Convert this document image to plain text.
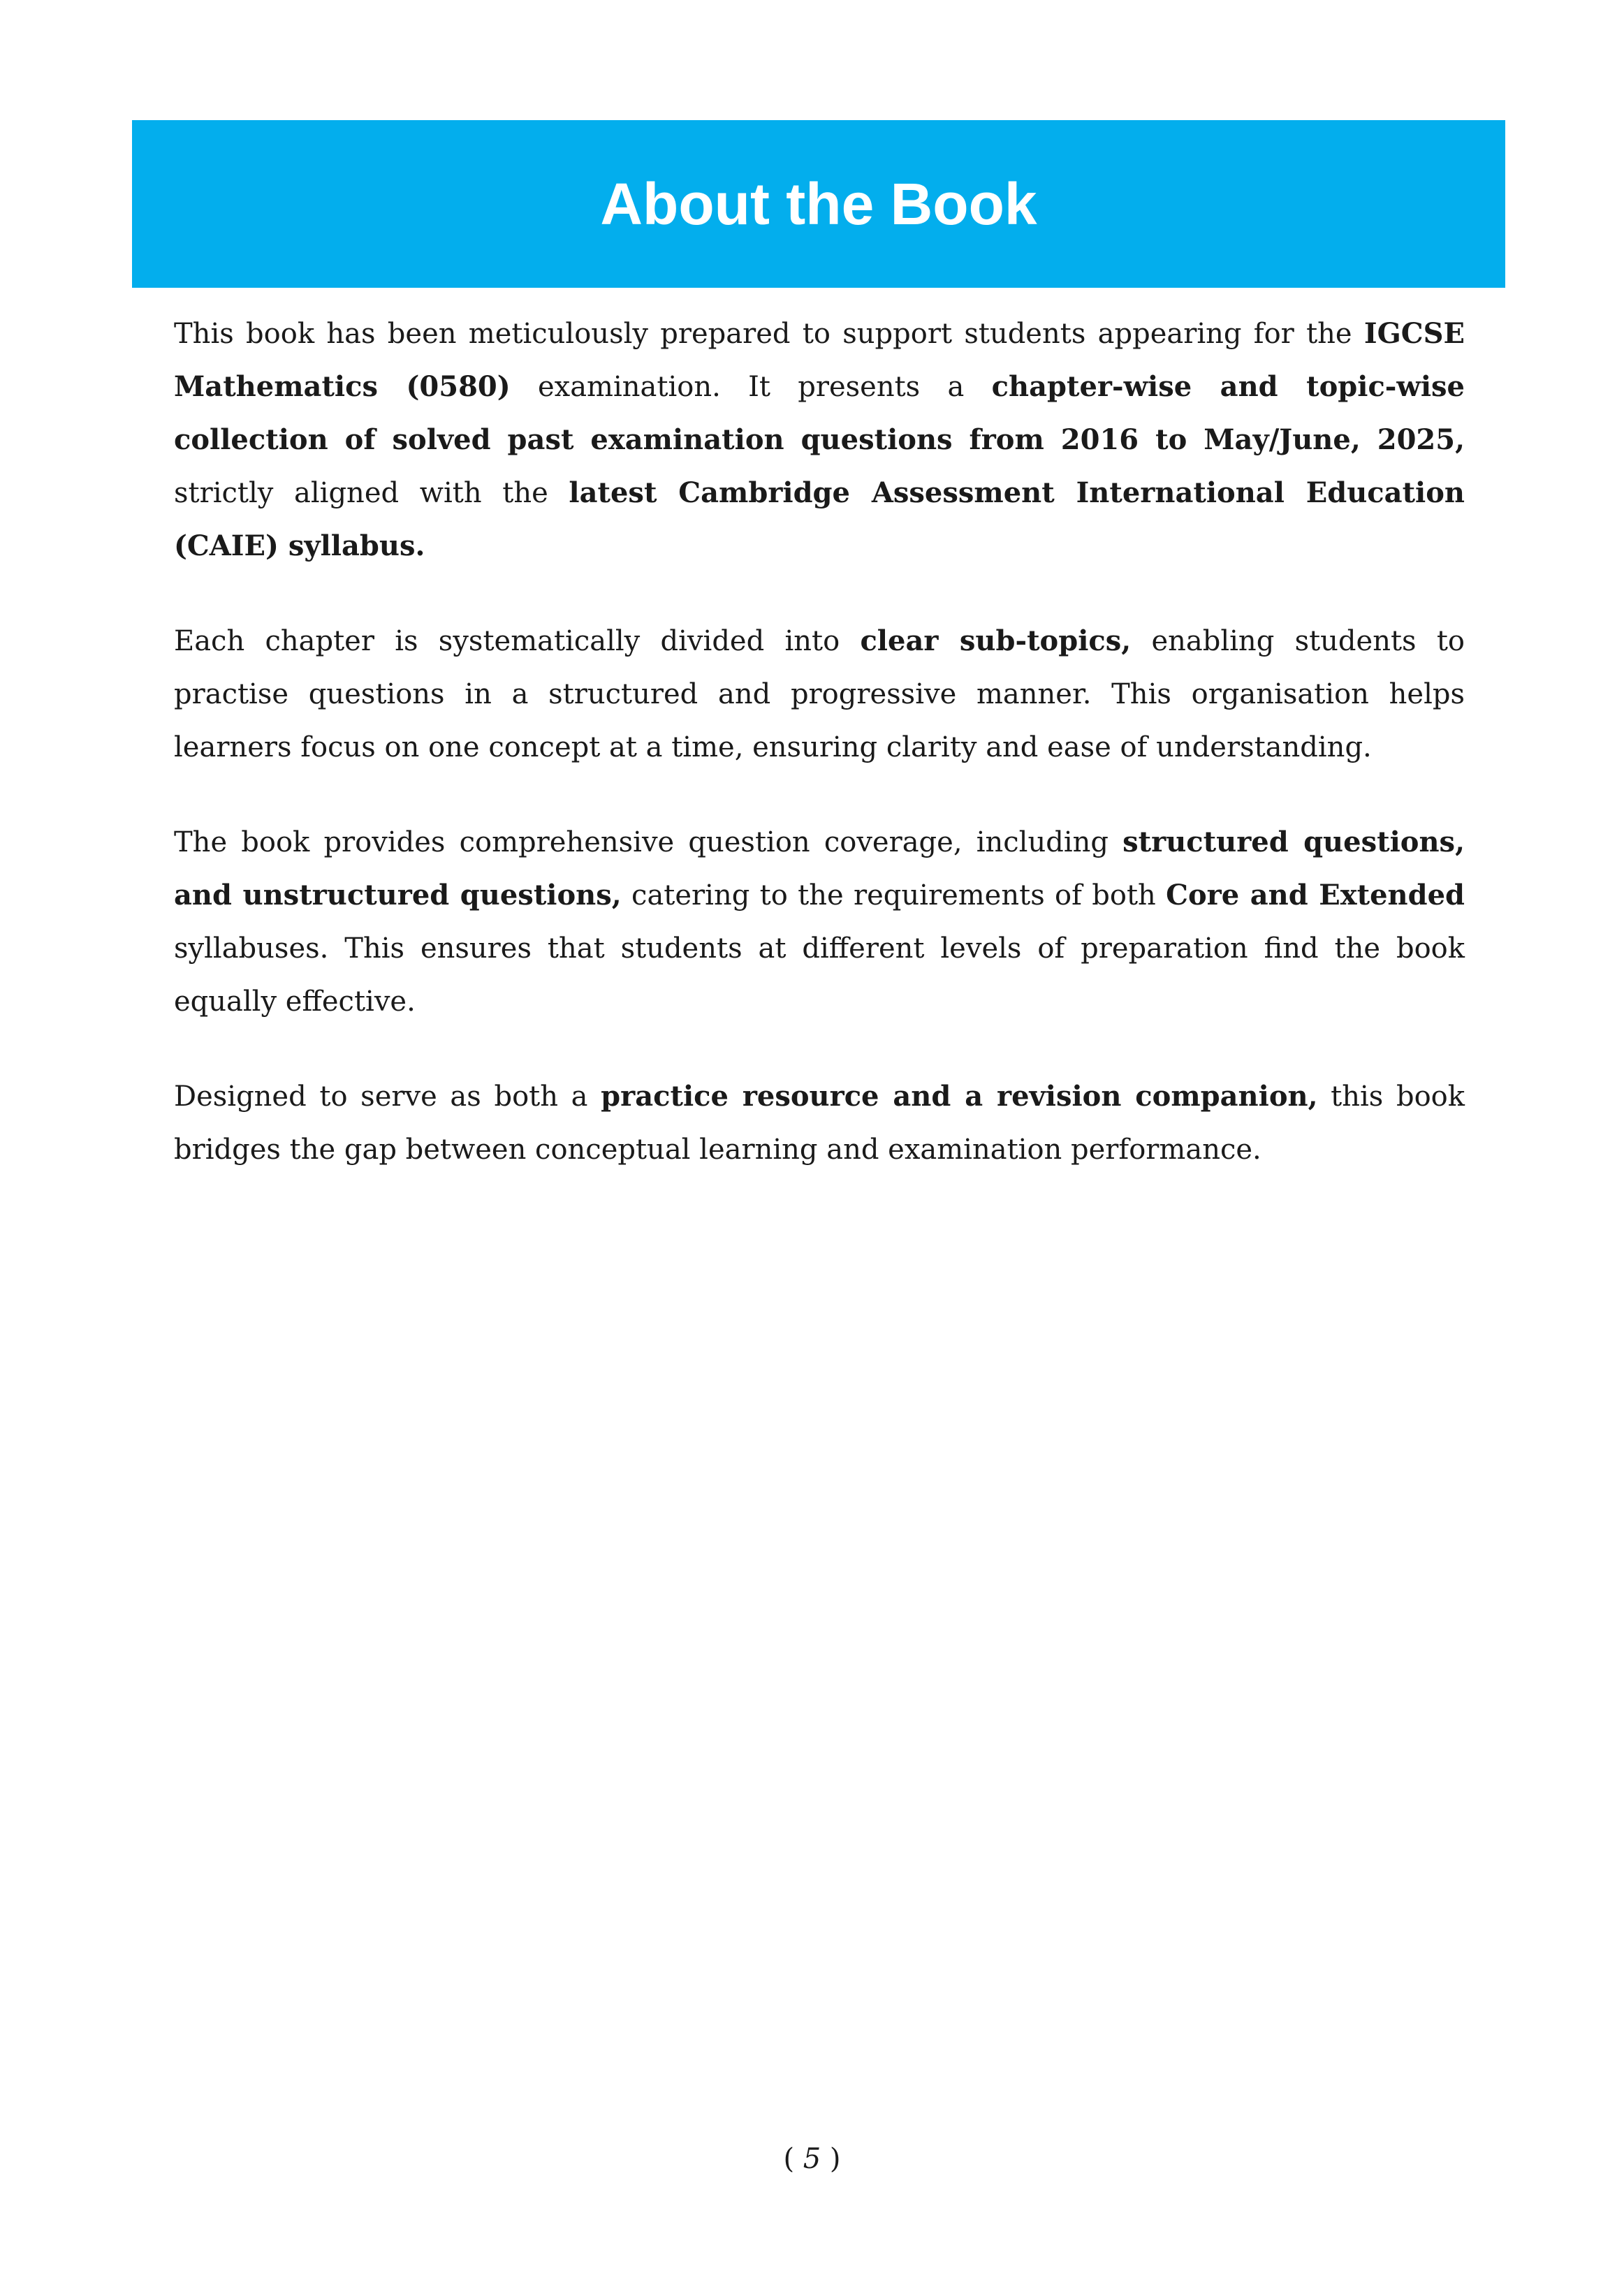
About the Book

This book has been meticulously prepared to support students appearing for the IGCSE Mathematics (0580) examination. It presents a chapter-wise and topic-wise collection of solved past examination questions from 2016 to May/June, 2025, strictly aligned with the latest Cambridge Assessment International Education (CAIE) syllabus.

Each chapter is systematically divided into clear sub-topics, enabling students to practise questions in a structured and progressive manner. This organisation helps learners focus on one concept at a time, ensuring clarity and ease of understanding.

The book provides comprehensive question coverage, including structured questions, and unstructured questions, catering to the requirements of both Core and Extended syllabuses. This ensures that students at different levels of preparation find the book equally effective.

Designed to serve as both a practice resource and a revision companion, this book bridges the gap between conceptual learning and examination performance.

( 5 )
